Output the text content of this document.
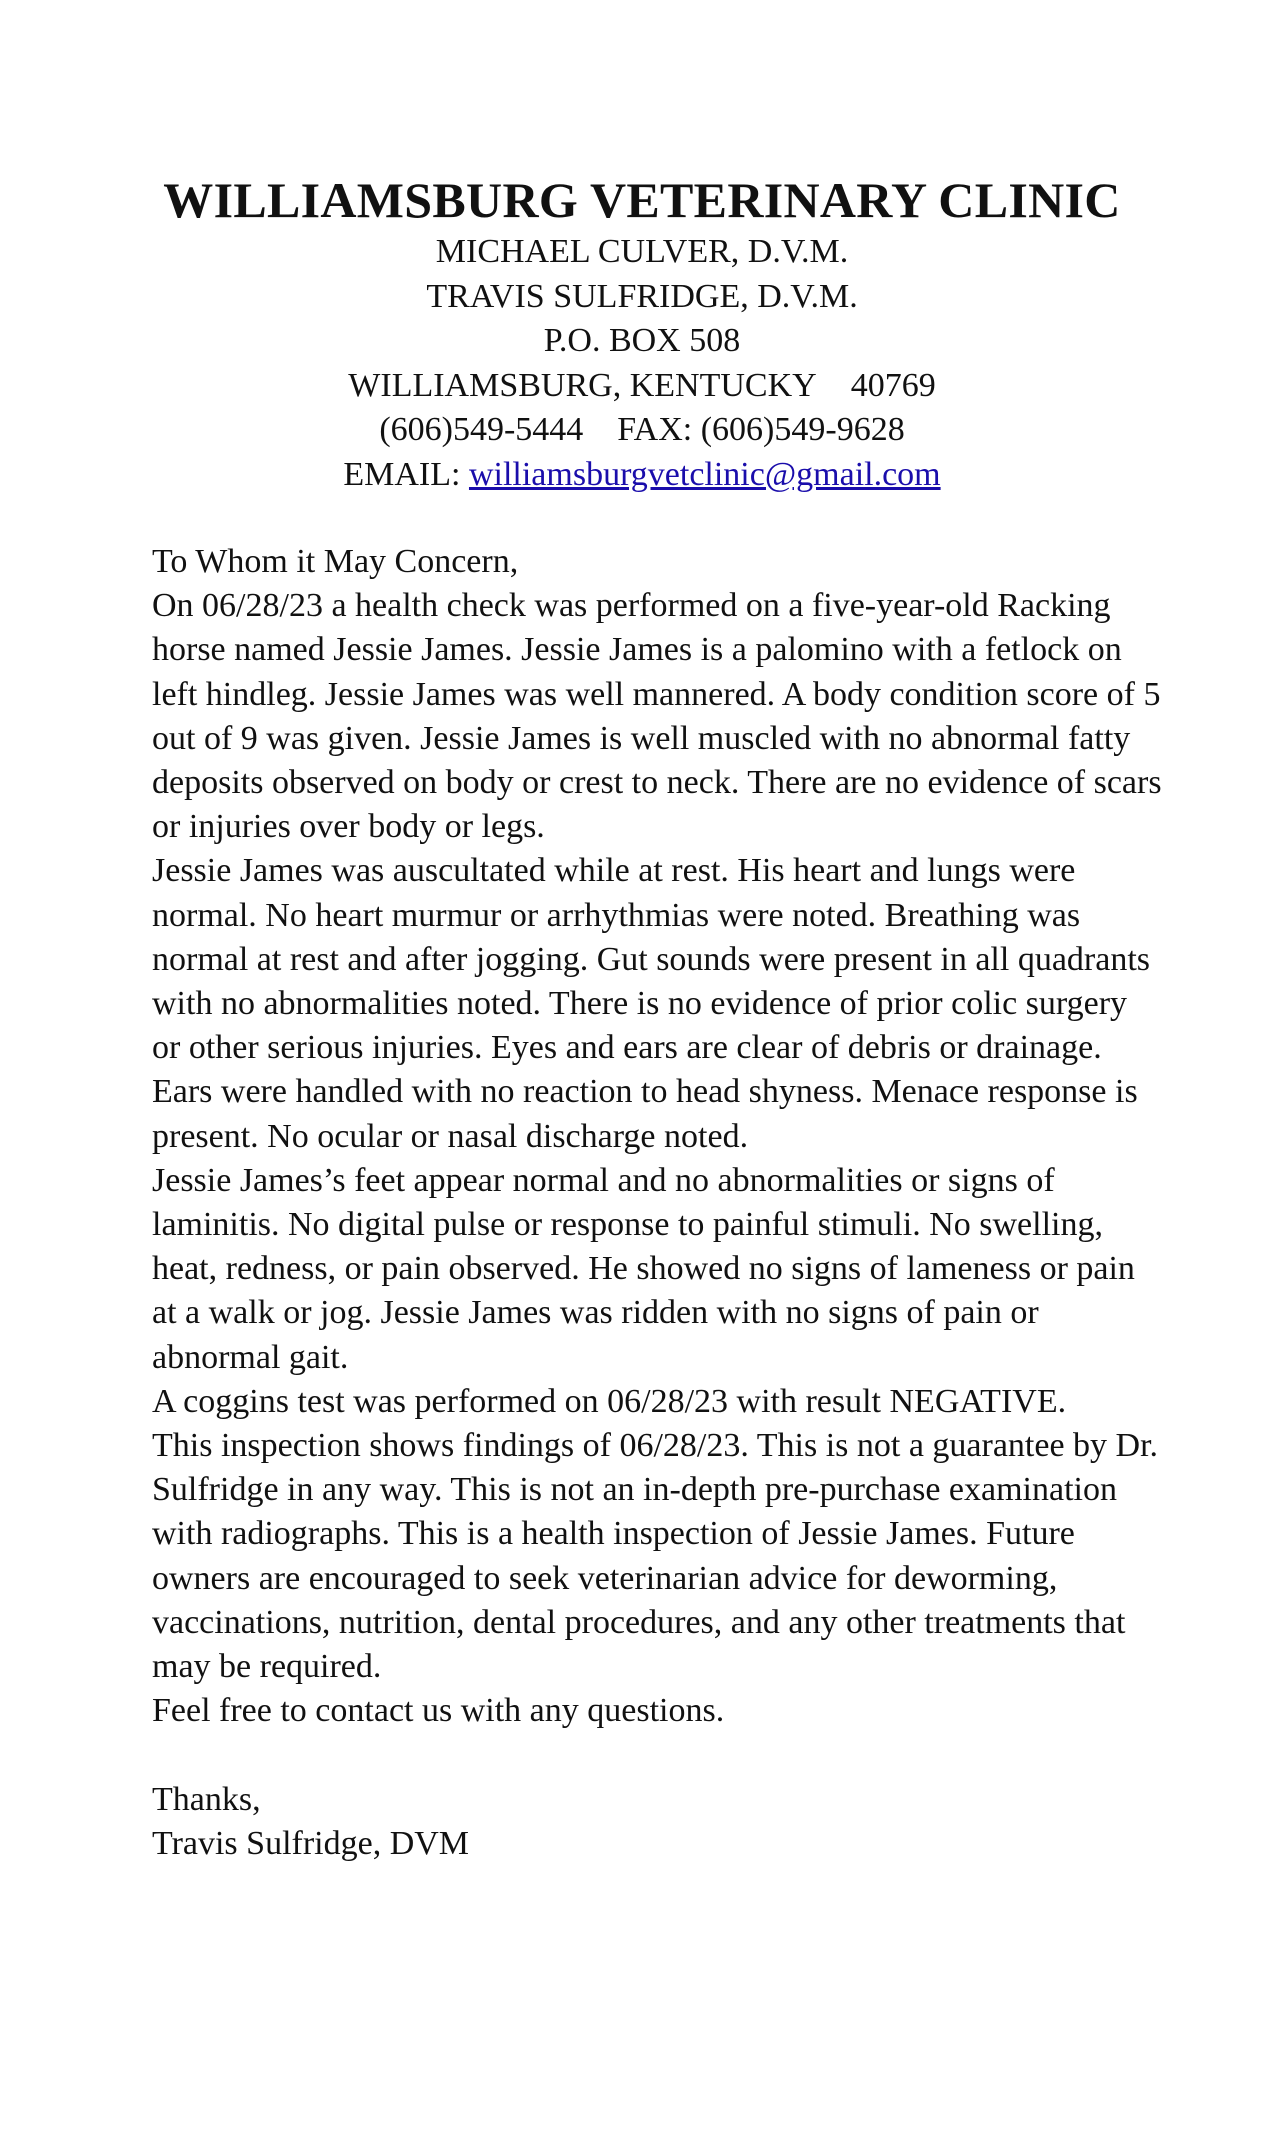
WILLIAMSBURG VETERINARY CLINIC

MICHAEL CULVER, D.V.M.

TRAVIS SULFRIDGE, D.V.M.

P.O. BOX 508

WILLIAMSBURG, KENTUCKY 40769

(606)549-5444 FAX: (606)549-9628

EMAIL: williamsburgvetclinic@gmail.com

To Whom it May Concern,

On 06/28/23 a health check was performed on a five-year-old Racking horse named Jessie James. Jessie James is a palomino with a fetlock on left hindleg. Jessie James was well mannered. A body condition score of 5 out of 9 was given. Jessie James is well muscled with no abnormal fatty deposits observed on body or crest to neck. There are no evidence of scars or injuries over body or legs.

Jessie James was auscultated while at rest. His heart and lungs were normal. No heart murmur or arrhythmias were noted. Breathing was normal at rest and after jogging. Gut sounds were present in all quadrants with no abnormalities noted. There is no evidence of prior colic surgery or other serious injuries. Eyes and ears are clear of debris or drainage. Ears were handled with no reaction to head shyness. Menace response is present. No ocular or nasal discharge noted.

Jessie James’s feet appear normal and no abnormalities or signs of laminitis. No digital pulse or response to painful stimuli. No swelling, heat, redness, or pain observed. He showed no signs of lameness or pain at a walk or jog. Jessie James was ridden with no signs of pain or abnormal gait.

A coggins test was performed on 06/28/23 with result NEGATIVE.

This inspection shows findings of 06/28/23. This is not a guarantee by Dr. Sulfridge in any way. This is not an in-depth pre-purchase examination with radiographs. This is a health inspection of Jessie James. Future owners are encouraged to seek veterinarian advice for deworming, vaccinations, nutrition, dental procedures, and any other treatments that may be required.

Feel free to contact us with any questions.

Thanks,

Travis Sulfridge, DVM
